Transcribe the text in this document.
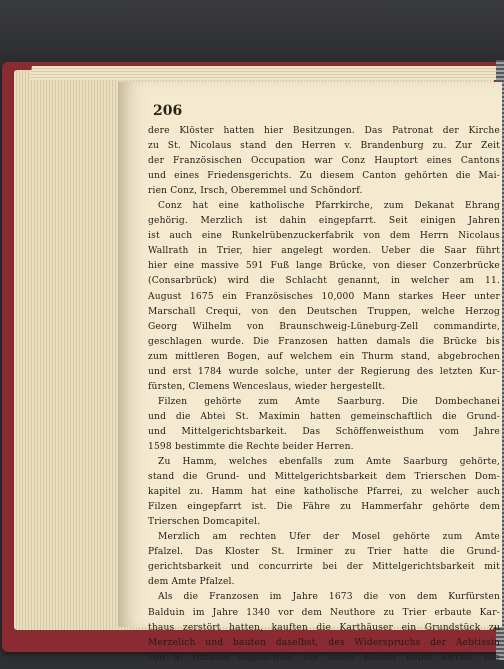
206
dere Klöster hatten hier Besitzungen. Das Patronat der Kirche
zu St. Nicolaus stand den Herren v. Brandenburg zu. Zur Zeit
der Französischen Occupation war Conz Hauptort eines Cantons
und eines Friedensgerichts. Zu diesem Canton gehörten die Mai-
rien Conz, Irsch, Oberemmel und Schöndorf.
Conz hat eine katholische Pfarrkirche, zum Dekanat Ehrang
gehörig. Merzlich ist dahin eingepfarrt. Seit einigen Jahren
ist auch eine Runkelrübenzuckerfabrik von dem Herrn Nicolaus
Wallrath in Trier, hier angelegt worden. Ueber die Saar führt
hier eine massive 591 Fuß lange Brücke, von dieser Conzerbrücke
(Consarbrück) wird die Schlacht genannt, in welcher am 11.
August 1675 ein Französisches 10,000 Mann starkes Heer unter
Marschall Crequi, von den Deutschen Truppen, welche Herzog
Georg Wilhelm von Braunschweig-Lüneburg-Zell commandirte,
geschlagen wurde. Die Franzosen hatten damals die Brücke bis
zum mittleren Bogen, auf welchem ein Thurm stand, abgebrochen
und erst 1784 wurde solche, unter der Regierung des letzten Kur-
fürsten, Clemens Wenceslaus, wieder hergestellt.
Filzen gehörte zum Amte Saarburg. Die Dombechanei
und die Abtei St. Maximin hatten gemeinschaftlich die Grund-
und Mittelgerichtsbarkeit. Das Schöffenweisthum vom Jahre
1598 bestimmte die Rechte beider Herren.
Zu Hamm, welches ebenfalls zum Amte Saarburg gehörte,
stand die Grund- und Mittelgerichtsbarkeit dem Trierschen Dom-
kapitel zu. Hamm hat eine katholische Pfarrei, zu welcher auch
Filzen eingepfarrt ist. Die Fähre zu Hammerfahr gehörte dem
Trierschen Domcapitel.
Merzlich am rechten Ufer der Mosel gehörte zum Amte
Pfalzel. Das Kloster St. Irminer zu Trier hatte die Grund-
gerichtsbarkeit und concurrirte bei der Mittelgerichtsbarkeit mit
dem Amte Pfalzel.
Als die Franzosen im Jahre 1673 die von dem Kurfürsten
Balduin im Jahre 1340 vor dem Neuthore zu Trier erbaute Kar-
thaus zerstört hatten, kauften die Karthäuser ein Grundstück zu
Merzelich und bauten daselbst, des Widerspruchs der Aebtissin
von St Irminen ungeachtet, ein neues Kloster nebst Kirche. Die
